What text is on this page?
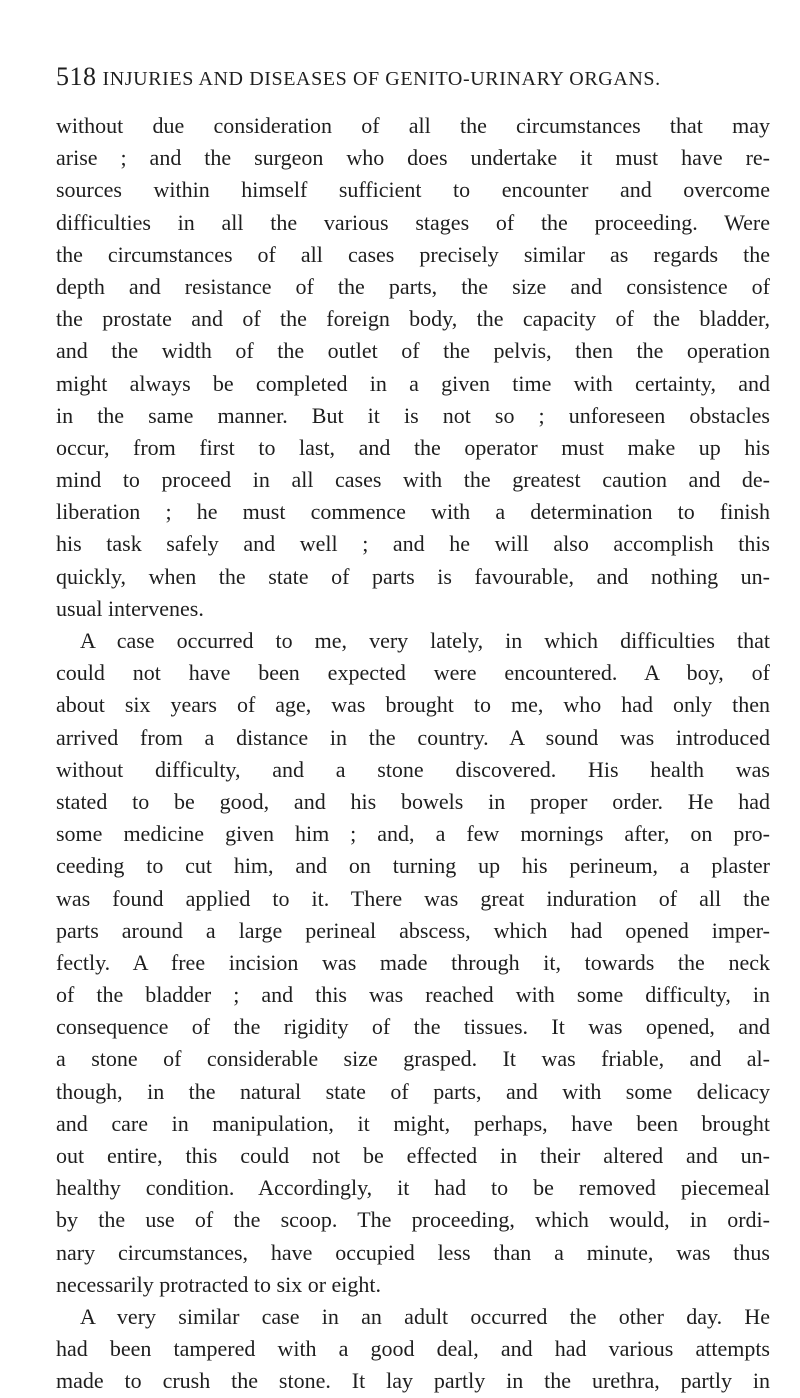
518 INJURIES AND DISEASES OF GENITO-URINARY ORGANS.
without due consideration of all the circumstances that may
arise ; and the surgeon who does undertake it must have re-
sources within himself sufficient to encounter and overcome
difficulties in all the various stages of the proceeding. Were
the circumstances of all cases precisely similar as regards the
depth and resistance of the parts, the size and consistence of
the prostate and of the foreign body, the capacity of the bladder,
and the width of the outlet of the pelvis, then the operation
might always be completed in a given time with certainty, and
in the same manner. But it is not so ; unforeseen obstacles
occur, from first to last, and the operator must make up his
mind to proceed in all cases with the greatest caution and de-
liberation ; he must commence with a determination to finish
his task safely and well ; and he will also accomplish this
quickly, when the state of parts is favourable, and nothing un-
usual intervenes.
A case occurred to me, very lately, in which difficulties that
could not have been expected were encountered. A boy, of
about six years of age, was brought to me, who had only then
arrived from a distance in the country. A sound was introduced
without difficulty, and a stone discovered. His health was
stated to be good, and his bowels in proper order. He had
some medicine given him ; and, a few mornings after, on pro-
ceeding to cut him, and on turning up his perineum, a plaster
was found applied to it. There was great induration of all the
parts around a large perineal abscess, which had opened imper-
fectly. A free incision was made through it, towards the neck
of the bladder ; and this was reached with some difficulty, in
consequence of the rigidity of the tissues. It was opened, and
a stone of considerable size grasped. It was friable, and al-
though, in the natural state of parts, and with some delicacy
and care in manipulation, it might, perhaps, have been brought
out entire, this could not be effected in their altered and un-
healthy condition. Accordingly, it had to be removed piecemeal
by the use of the scoop. The proceeding, which would, in ordi-
nary circumstances, have occupied less than a minute, was thus
necessarily protracted to six or eight.
A very similar case in an adult occurred the other day. He
had been tampered with a good deal, and had various attempts
made to crush the stone. It lay partly in the urethra, partly in
